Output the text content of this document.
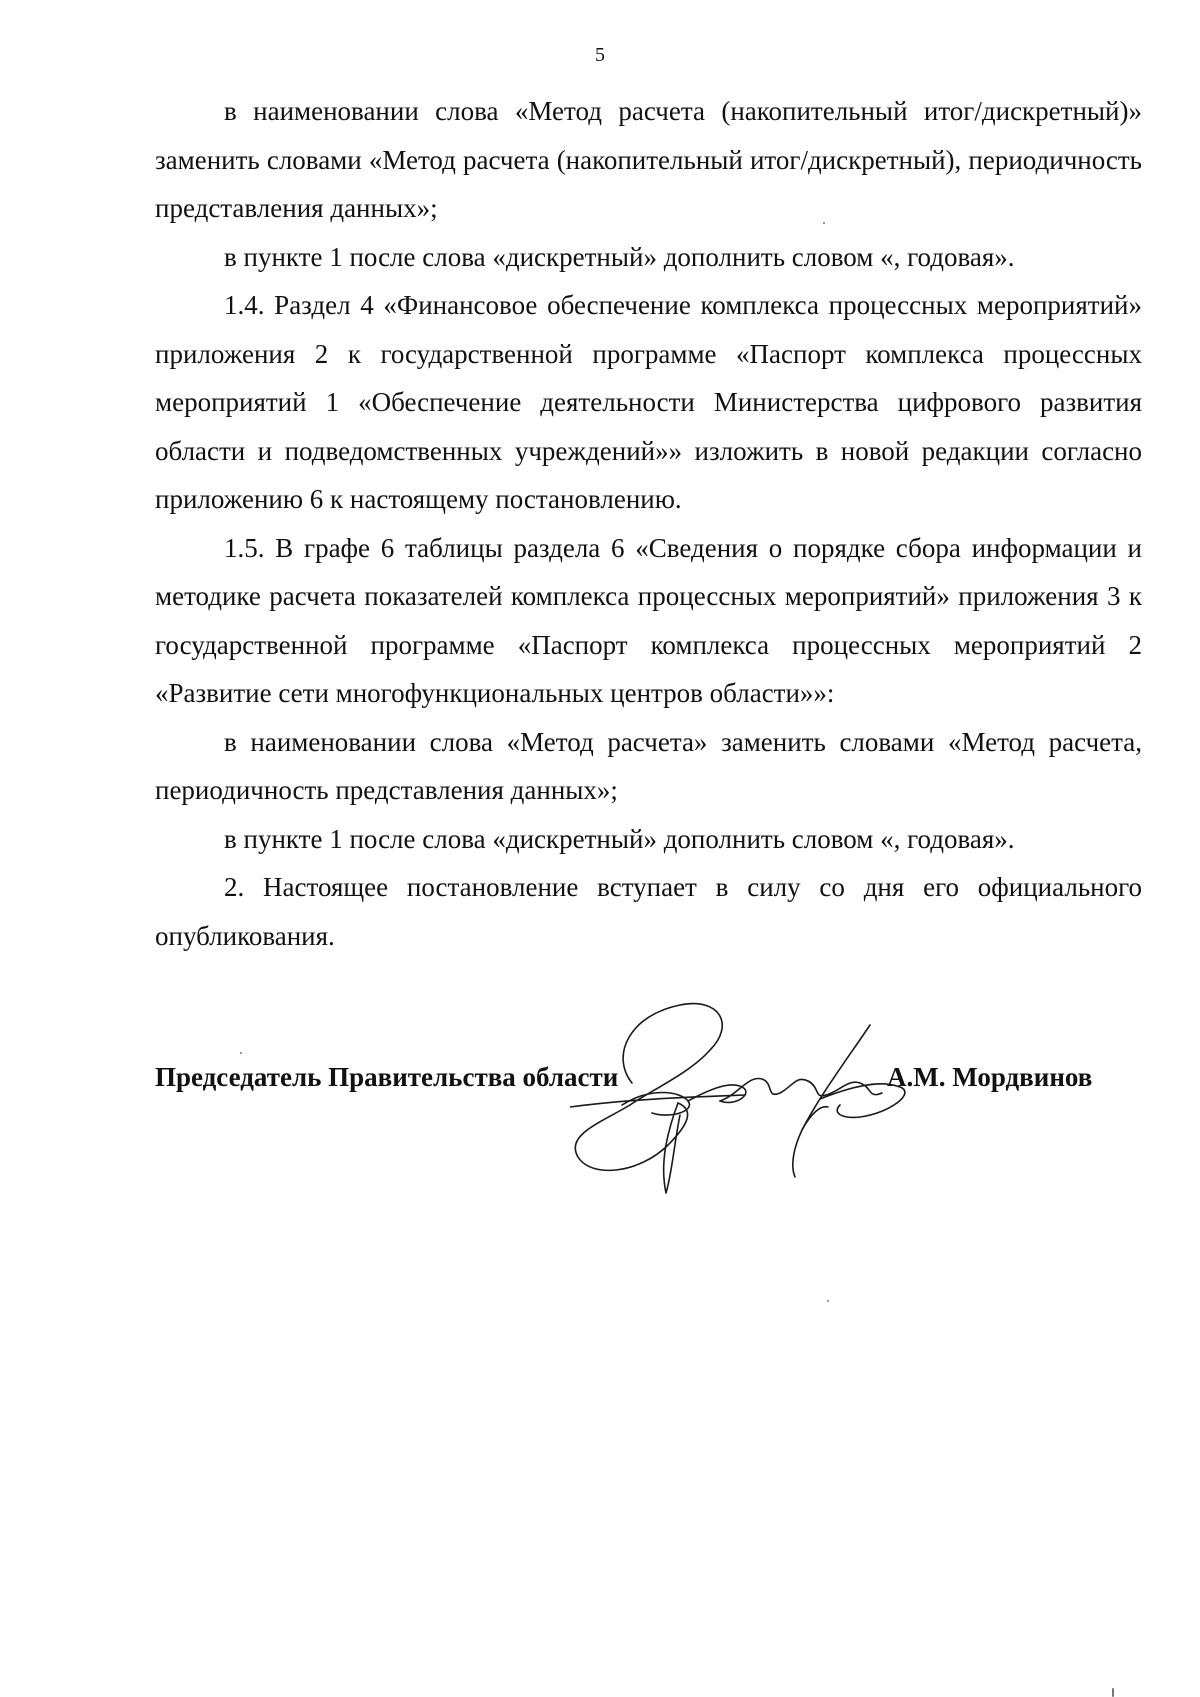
5

в наименовании слова «Метод расчета (накопительный итог/дискретный)» заменить словами «Метод расчета (накопительный итог/дискретный), периодичность представления данных»;

в пункте 1 после слова «дискретный» дополнить словом «, годовая».

1.4. Раздел 4 «Финансовое обеспечение комплекса процессных мероприятий» приложения 2 к государственной программе «Паспорт комплекса процессных мероприятий 1 «Обеспечение деятельности Министерства цифрового развития области и подведомственных учреждений»» изложить в новой редакции согласно приложению 6 к настоящему постановлению.

1.5. В графе 6 таблицы раздела 6 «Сведения о порядке сбора информации и методике расчета показателей комплекса процессных мероприятий» приложения 3 к государственной программе «Паспорт комплекса процессных мероприятий 2 «Развитие сети многофункциональных центров области»»:

в наименовании слова «Метод расчета» заменить словами «Метод расчета, периодичность представления данных»;

в пункте 1 после слова «дискретный» дополнить словом «, годовая».

2. Настоящее постановление вступает в силу со дня его официального опубликования.

Председатель Правительства области	А.М. Мордвинов
